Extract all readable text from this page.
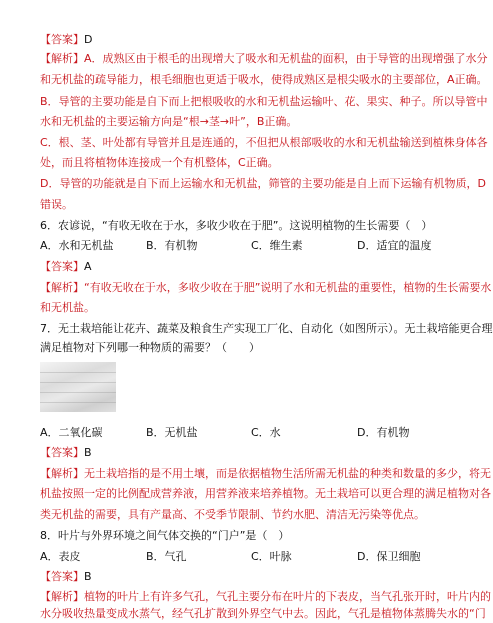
【答案】D
【解析】A．成熟区由于根毛的出现增大了吸水和无机盐的面积，由于导管的出现增强了水分
和无机盐的疏导能力，根毛细胞也更适于吸水，使得成熟区是根尖吸水的主要部位，A正确。
B．导管的主要功能是自下而上把根吸收的水和无机盐运输叶、花、果实、种子。所以导管中
水和无机盐的主要运输方向是“根→茎→叶”，B正确。
C．根、茎、叶处都有导管并且是连通的，不但把从根部吸收的水和无机盐输送到植株身体各
处，而且将植物体连接成一个有机整体，C正确。
D．导管的功能就是自下而上运输水和无机盐，筛管的主要功能是自上而下运输有机物质，D
错误。
6．农谚说，“有收无收在于水，多收少收在于肥”。这说明植物的生长需要（　）
A．水和无机盐	B．有机物	C．维生素	D．适宜的温度
【答案】A
【解析】“有收无收在于水，多收少收在于肥”说明了水和无机盐的重要性，植物的生长需要水
和无机盐。
7．无土栽培能让花卉、蔬菜及粮食生产实现工厂化、自动化（如图所示）。无土栽培能更合理
满足植物对下列哪一种物质的需要？（　　）
A．二氧化碳	B．无机盐	C．水	D．有机物
【答案】B
【解析】无土栽培指的是不用土壤，而是依据植物生活所需无机盐的种类和数量的多少，将无
机盐按照一定的比例配成营养液，用营养液来培养植物。无土栽培可以更合理的满足植物对各
类无机盐的需要，具有产量高、不受季节限制、节约水肥、清洁无污染等优点。
8．叶片与外界环境之间气体交换的“门户”是（　）
A．表皮	B．气孔	C．叶脉	D．保卫细胞
【答案】B
【解析】植物的叶片上有许多气孔，气孔主要分布在叶片的下表皮，当气孔张开时，叶片内的
水分吸收热量变成水蒸气，经气孔扩散到外界空气中去。因此，气孔是植物体蒸腾失水的“门
